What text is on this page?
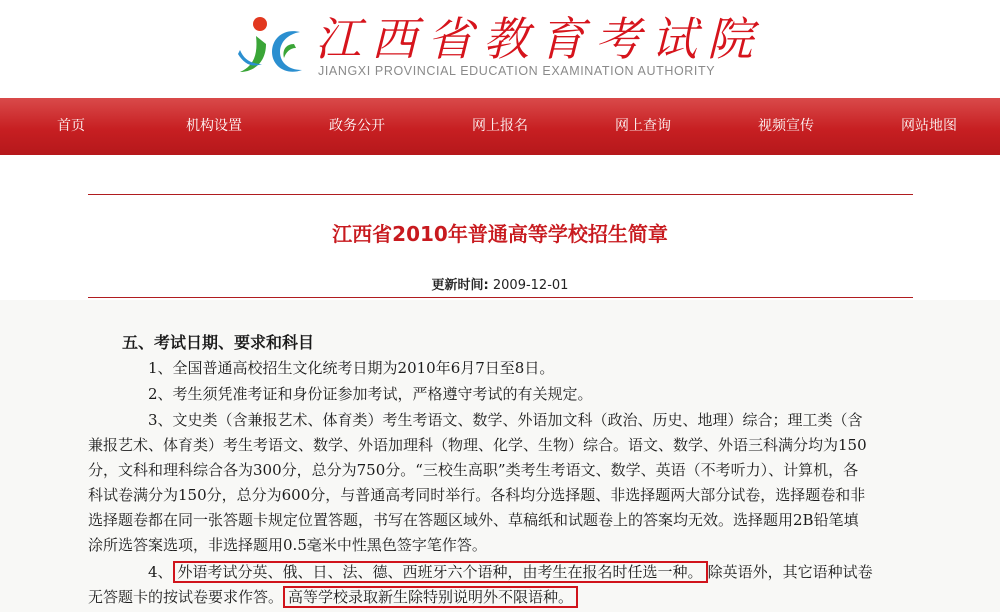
江西省教育考试院
JIANGXI PROVINCIAL EDUCATION EXAMINATION AUTHORITY
首页	机构设置	政务公开	网上报名	网上查询	视频宣传	网站地图
江西省2010年普通高等学校招生简章
更新时间: 2009-12-01
五、考试日期、要求和科目
1、全国普通高校招生文化统考日期为2010年6月7日至8日。
2、考生须凭准考证和身份证参加考试，严格遵守考试的有关规定。
3、文史类（含兼报艺术、体育类）考生考语文、数学、外语加文科（政治、历史、地理）综合；理工类（含
兼报艺术、体育类）考生考语文、数学、外语加理科（物理、化学、生物）综合。语文、数学、外语三科满分均为150
分，文科和理科综合各为300分，总分为750分。“三校生高职”类考生考语文、数学、英语（不考听力）、计算机，各
科试卷满分为150分，总分为600分，与普通高考同时举行。各科均分选择题、非选择题两大部分试卷，选择题卷和非
选择题卷都在同一张答题卡规定位置答题，书写在答题区域外、草稿纸和试题卷上的答案均无效。选择题用2B铅笔填
涂所选答案选项，非选择题用0.5毫米中性黑色签字笔作答。
4、 外语考试分英、俄、日、法、德、西班牙六个语种，由考生在报名时任选一种。 除英语外，其它语种试卷
无答题卡的按试卷要求作答。 高等学校录取新生除特别说明外不限语种。
